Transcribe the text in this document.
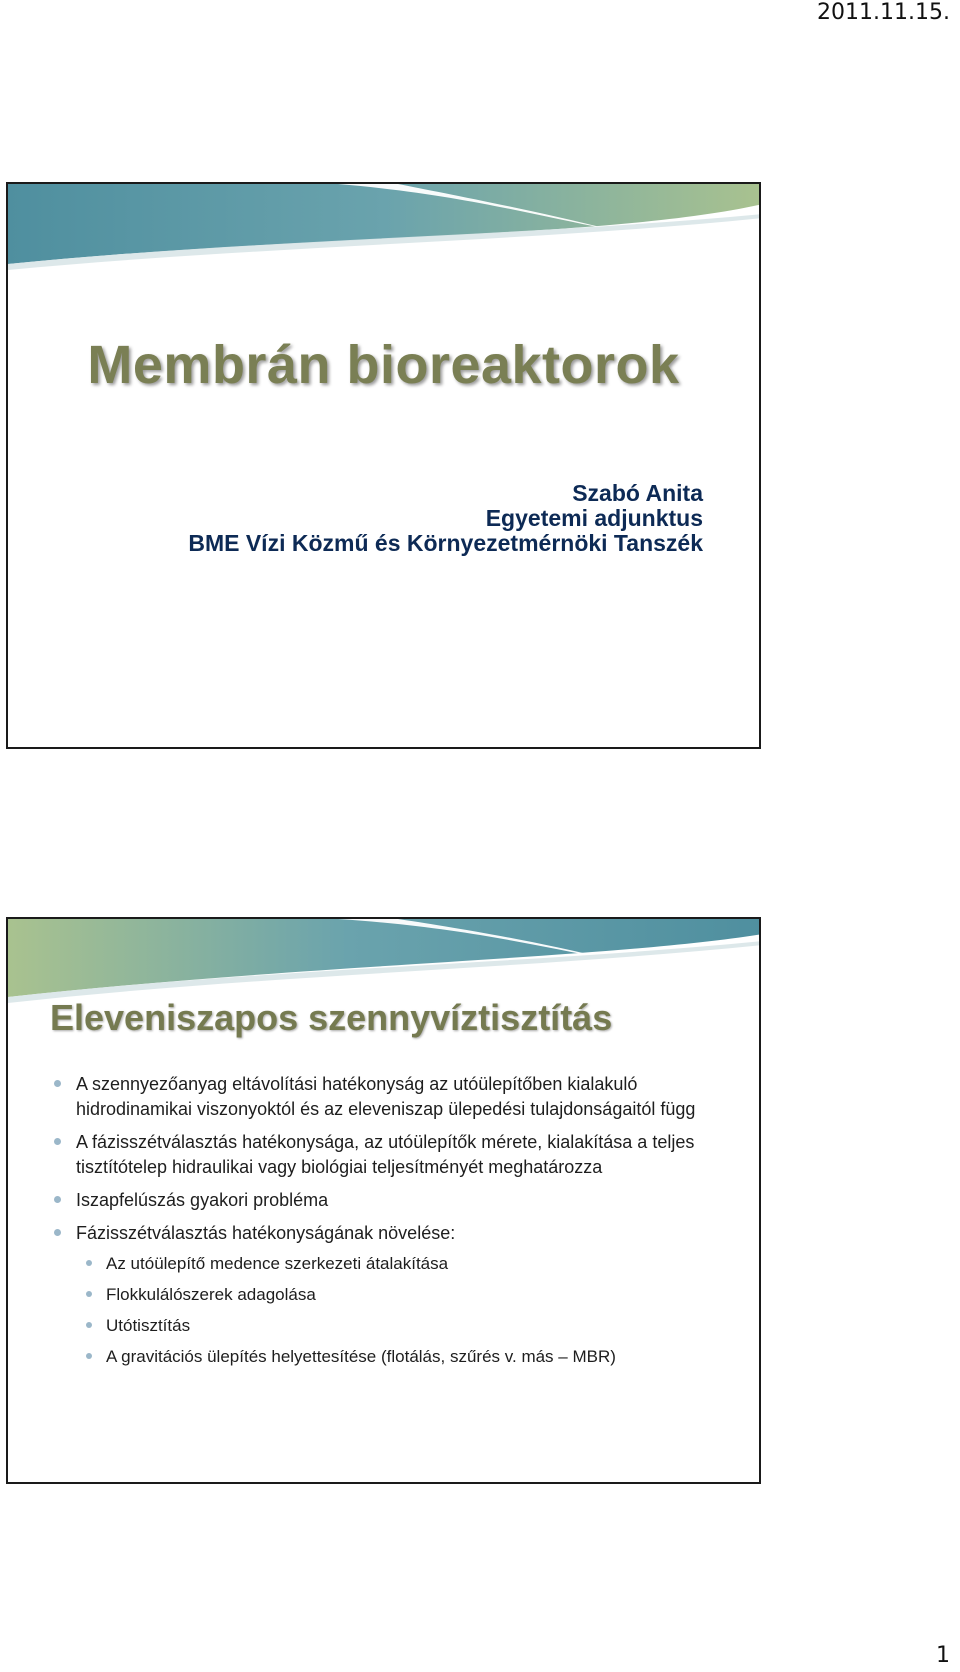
2011.11.15.
Membrán bioreaktorok
Szabó Anita
Egyetemi adjunktus
BME Vízi Közmű és Környezetmérnöki Tanszék
Eleveniszapos szennyvíztisztítás
A szennyezőanyag eltávolítási hatékonyság az utóülepítőben kialakuló hidrodinamikai viszonyoktól és az eleveniszap ülepedési tulajdonságaitól függ
A fázisszétválasztás hatékonysága, az utóülepítők mérete, kialakítása a teljes tisztítótelep hidraulikai vagy biológiai teljesítményét meghatározza
Iszapfelúszás gyakori probléma
Fázisszétválasztás hatékonyságának növelése:
Az utóülepítő medence szerkezeti átalakítása
Flokkulálószerek adagolása
Utótisztítás
A gravitációs ülepítés helyettesítése (flotálás, szűrés v. más – MBR)
1
